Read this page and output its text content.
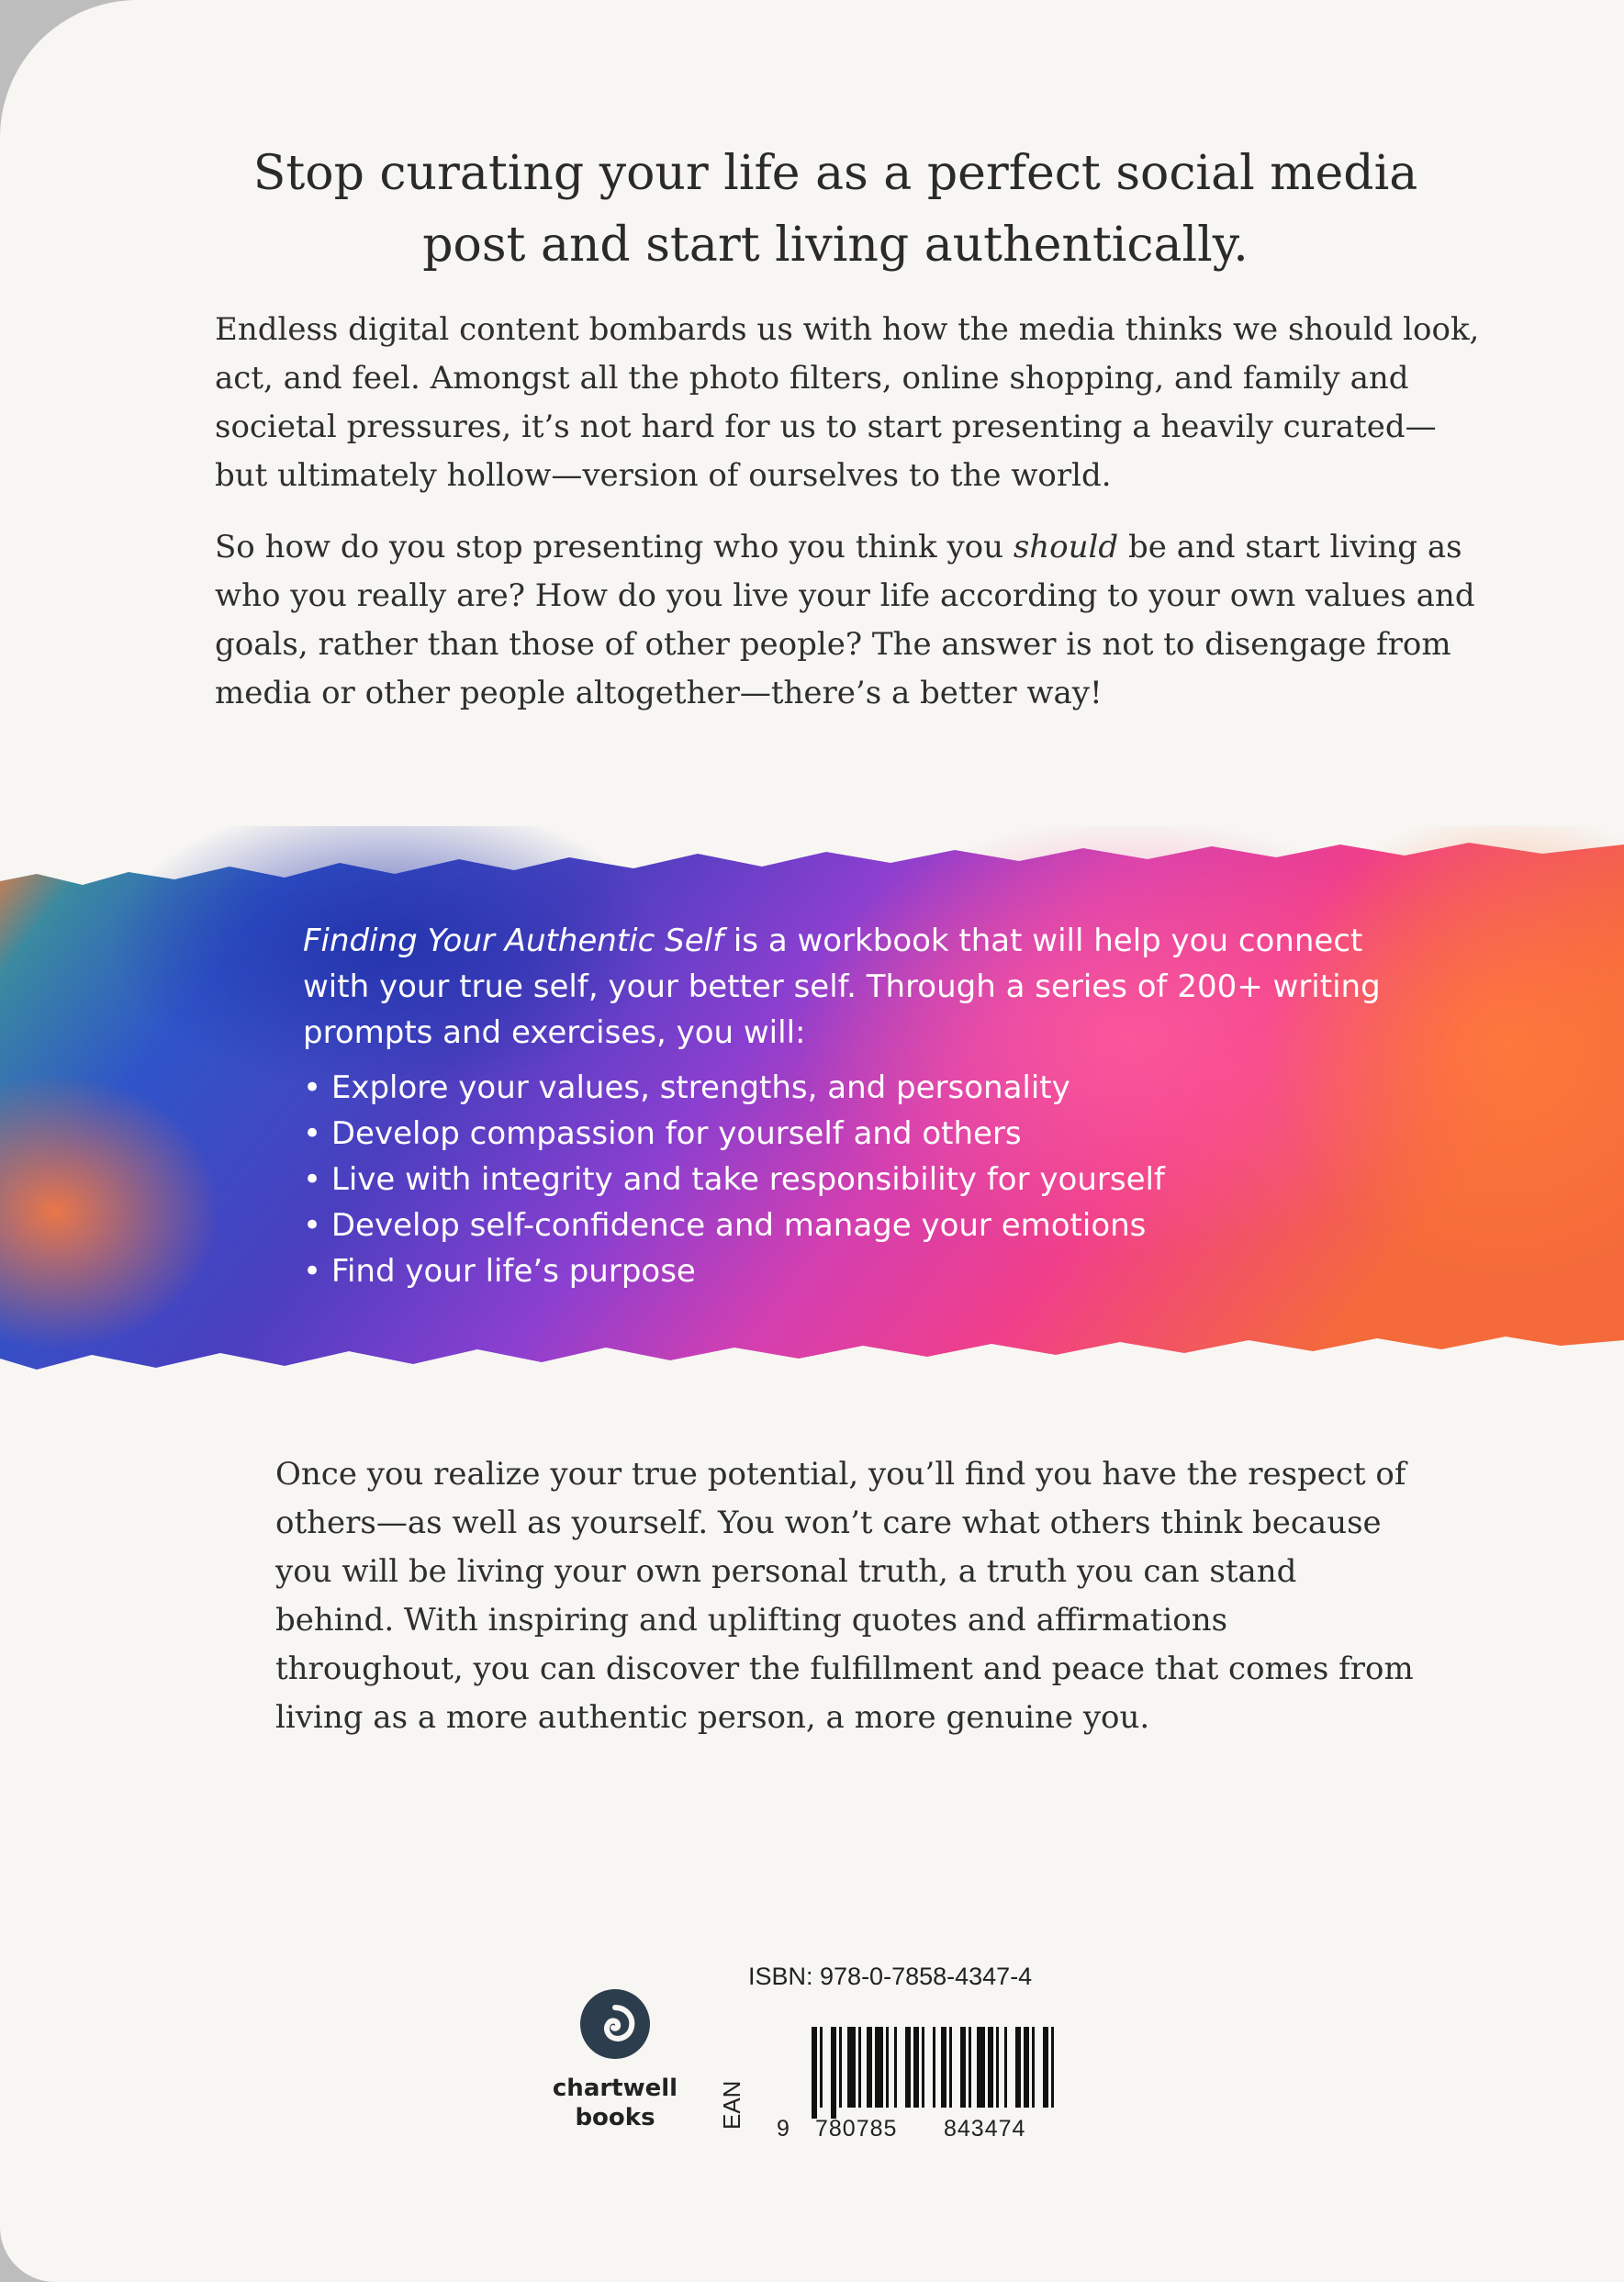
Stop curating your life as a perfect social media
post and start living authentically.

Endless digital content bombards us with how the media thinks we should look, act, and feel. Amongst all the photo filters, online shopping, and family and societal pressures, it’s not hard for us to start presenting a heavily curated—but ultimately hollow—version of ourselves to the world.

So how do you stop presenting who you think you should be and start living as who you really are? How do you live your life according to your own values and goals, rather than those of other people? The answer is not to disengage from media or other people altogether—there’s a better way!

Finding Your Authentic Self is a workbook that will help you connect with your true self, your better self. Through a series of 200+ writing prompts and exercises, you will:
• Explore your values, strengths, and personality
• Develop compassion for yourself and others
• Live with integrity and take responsibility for yourself
• Develop self-confidence and manage your emotions
• Find your life’s purpose

Once you realize your true potential, you’ll find you have the respect of others—as well as yourself. You won’t care what others think because you will be living your own personal truth, a truth you can stand behind. With inspiring and uplifting quotes and affirmations throughout, you can discover the fulfillment and peace that comes from living as a more authentic person, a more genuine you.

chartwell
books
ISBN: 978-0-7858-4347-4
EAN 9 780785 843474
